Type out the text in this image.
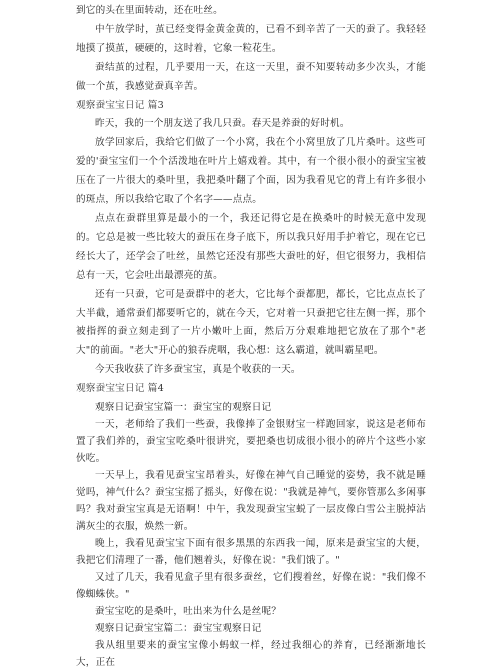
到它的头在里面转动，还在吐丝。

中午放学时，茧已经变得金黄金黄的，已看不到辛苦了一天的蚕了。我轻轻地摸了摸茧，硬硬的，这时着，它象一粒花生。

蚕结茧的过程，几乎要用一天，在这一天里，蚕不知要转动多少次头，才能做一个茧，我感觉蚕真辛苦。

观察蚕宝宝日记 篇3

昨天，我的一个朋友送了我几只蚕。春天是养蚕的好时机。

放学回家后，我给它们做了一个小窝，我在个小窝里放了几片桑叶。这些可爱的'蚕宝宝们一个个活泼地在叶片上嬉戏着。其中，有一个很小很小的蚕宝宝被压在了一片很大的桑叶里，我把桑叶翻了个面，因为我看见它的背上有许多很小的斑点，所以我给它取了个名字——点点。

点点在蚕群里算是最小的一个，我还记得它是在换桑叶的时候无意中发现的。它总是被一些比较大的蚕压在身子底下，所以我只好用手护着它，现在它已经长大了，还学会了吐丝，虽然它还没有那些大蚕吐的好，但它很努力，我相信总有一天，它会吐出最漂亮的茧。

还有一只蚕，它可是蚕群中的老大，它比每个蚕都肥，都长，它比点点长了大半截，通常蚕们都要听它的，就在今天，它对着一只蚕把它往左侧一挥，那个被指挥的蚕立刻走到了一片小嫩叶上面，然后万分艰难地把它放在了那个"老大"的前面。"老大"开心的狼吞虎咽，我心想：这么霸道，就叫霸星吧。

今天我收获了许多蚕宝宝，真是个收获的一天。

观察蚕宝宝日记 篇4

观察日记蚕宝宝篇一：蚕宝宝的观察日记

一天，老师给了我们一些蚕，我像捧了金银财宝一样跑回家，说这是老师布置了我们养的，蚕宝宝吃桑叶很讲究，要把桑也切成很小很小的碎片个这些小家伙吃。

一天早上，我看见蚕宝宝昂着头，好像在神气自己睡觉的姿势，我不就是睡觉吗，神气什么？蚕宝宝摇了摇头，好像在说："我就是神气，要你管那么多闲事吗？我对蚕宝宝真是无语啊！中午，我发现蚕宝宝蜕了一层皮像白雪公主脱掉沾满灰尘的衣服，焕然一新。

晚上，我看见蚕宝宝下面有很多黑黑的东西我一闻，原来是蚕宝宝的大便，我把它们清理了一番，他们翘着头，好像在说："我们饿了。"

又过了几天，我看见盒子里有很多蚕丝，它们搜着丝，好像在说："我们像不像蜘蛛侠。"

蚕宝宝吃的是桑叶，吐出来为什么是丝呢？

观察日记蚕宝宝篇二：蚕宝宝观察日记

我从组里要来的蚕宝宝像小蚂蚁一样，经过我细心的养育，已经渐渐地长大，正在
